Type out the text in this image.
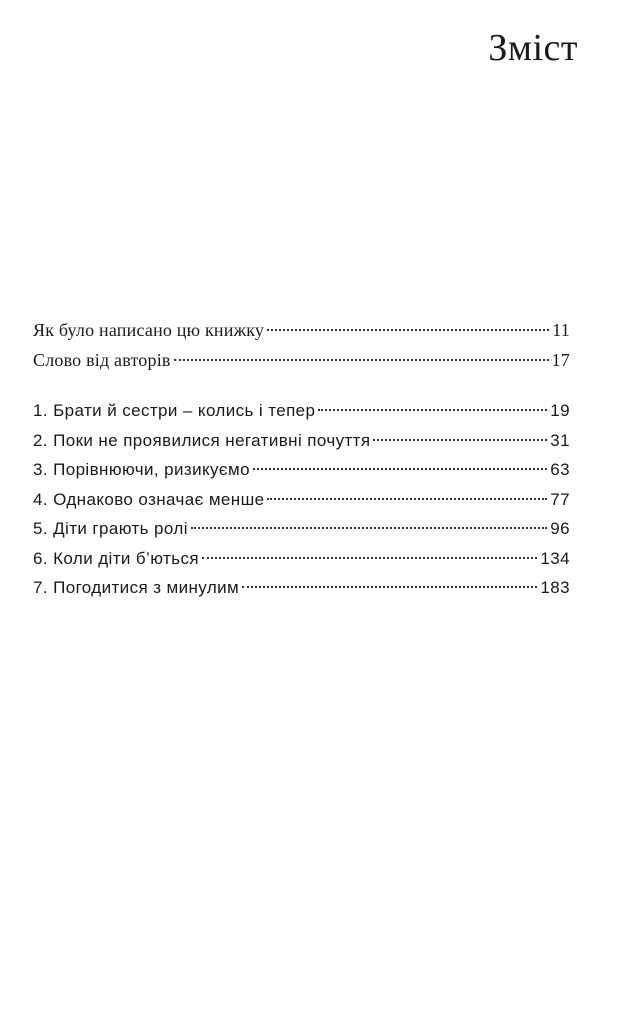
Зміст
Як було написано цю книжку	11
Слово від авторів	17
1. Брати й сестри – колись і тепер	19
2. Поки не проявилися негативні почуття	31
3. Порівнюючи, ризикуємо	63
4. Однаково означає менше	77
5. Діти грають ролі	96
6. Коли діти б’ються	134
7. Погодитися з минулим	183
